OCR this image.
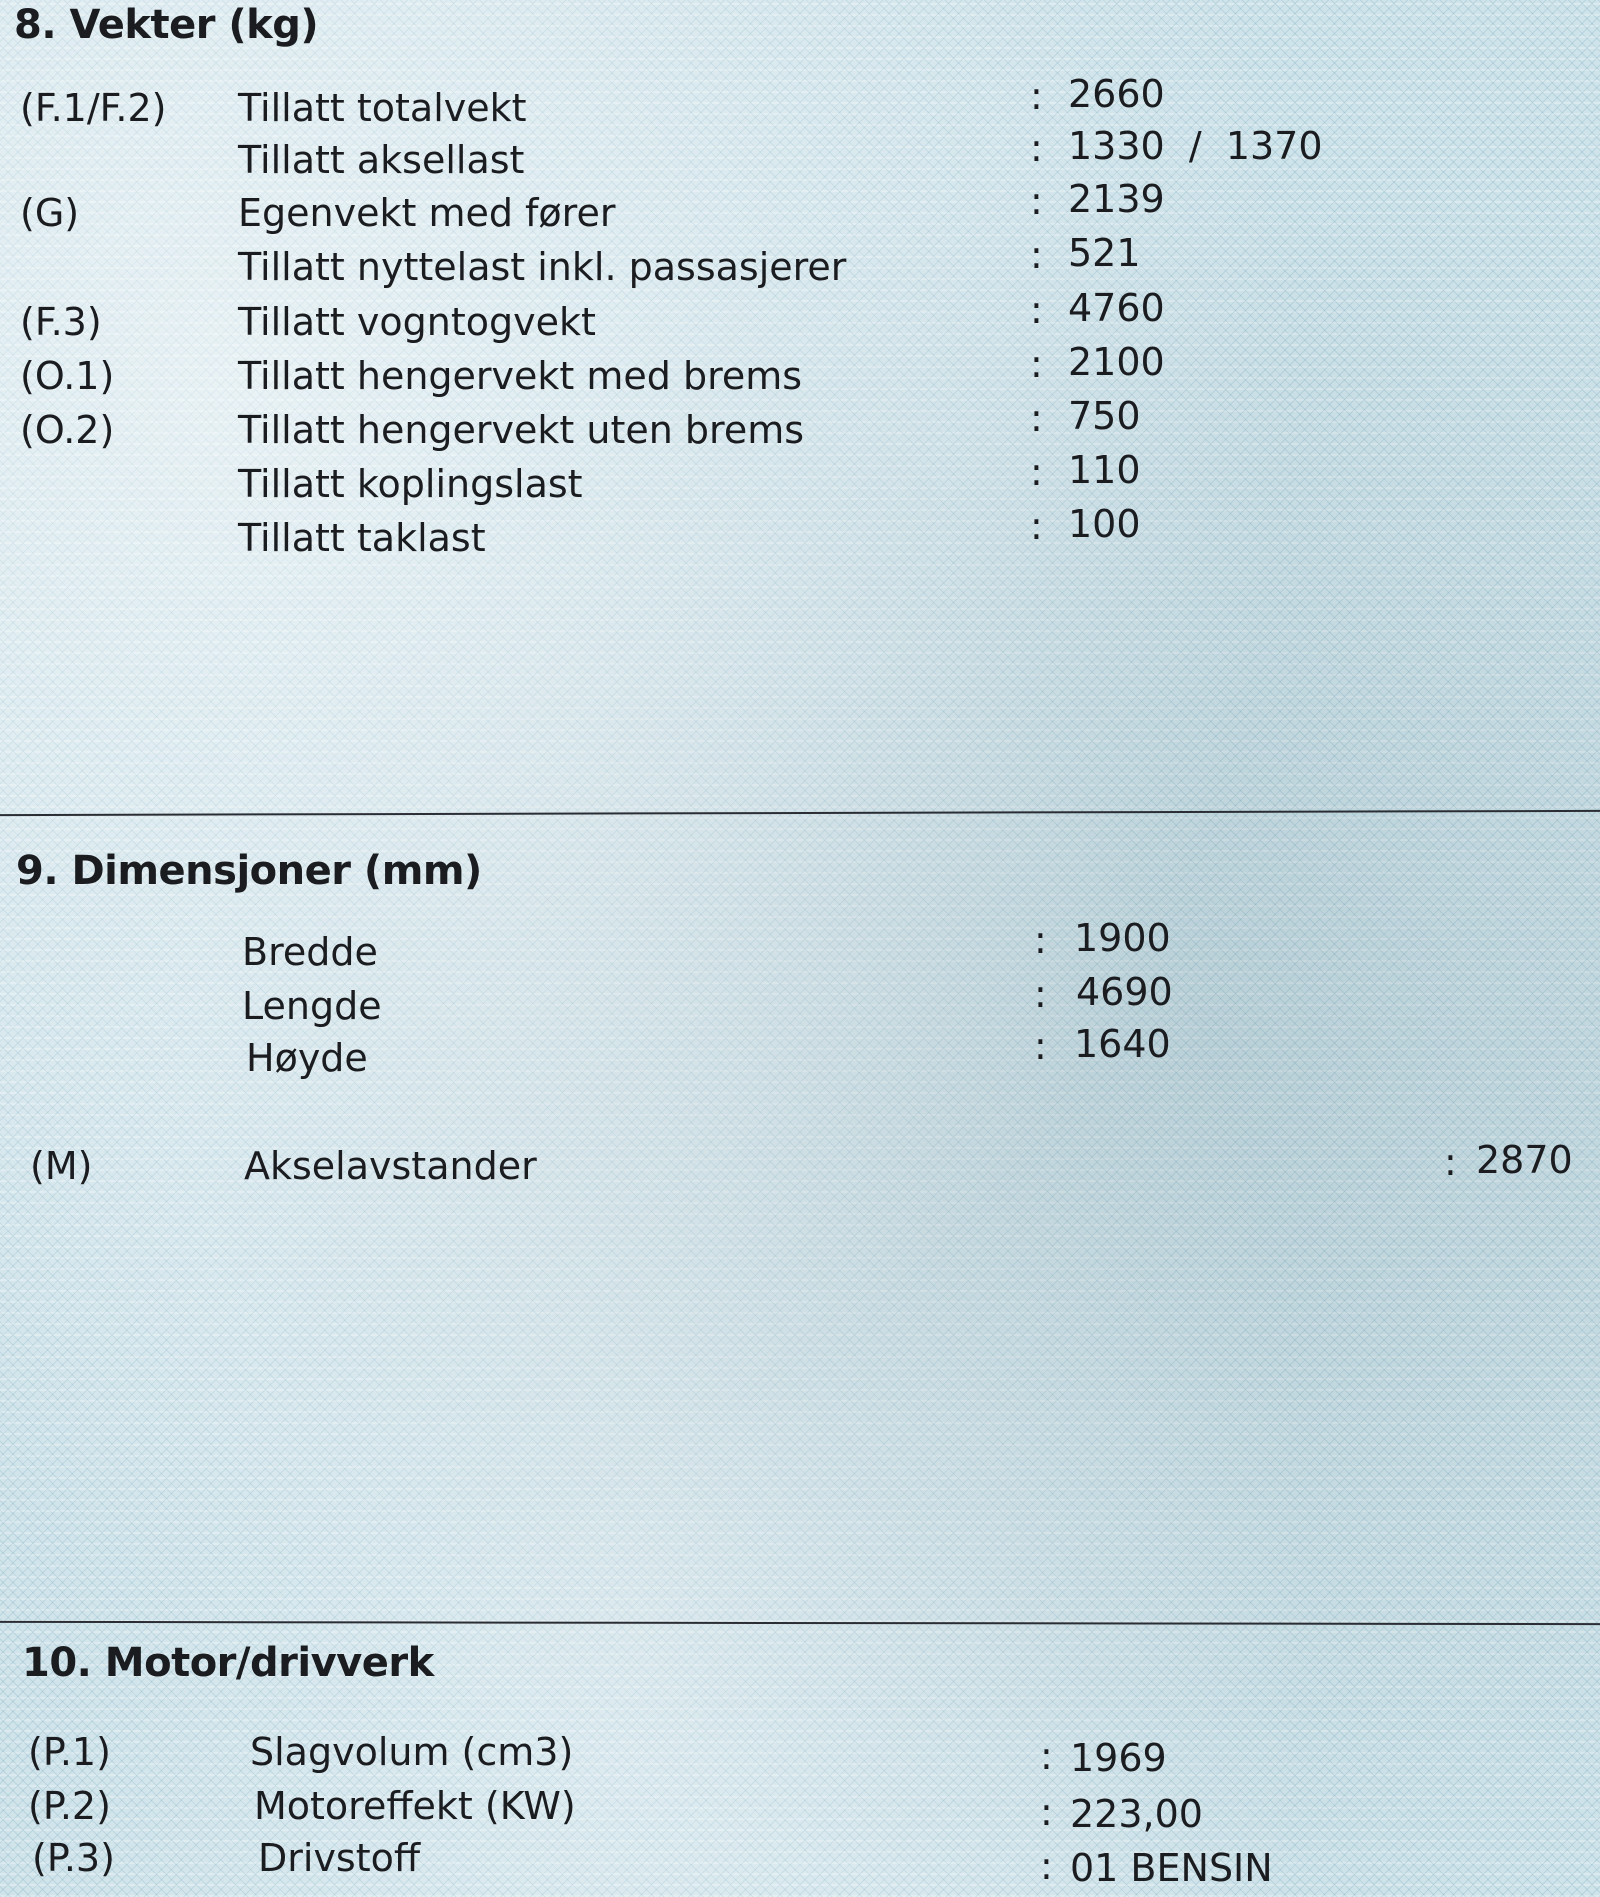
8. Vekter (kg)
(F.1/F.2) Tillatt totalvekt	: 2660
Tillatt aksellast	: 1330  /  1370
(G)	Egenvekt med fører	: 2139
Tillatt nyttelast inkl. passasjerer	: 521
(F.3)	Tillatt vogntogvekt	: 4760
(O.1)	Tillatt hengervekt med brems	: 2100
(O.2)	Tillatt hengervekt uten brems	: 750
Tillatt koplingslast	: 110
Tillatt taklast	: 100
9. Dimensjoner (mm)
Bredde	: 1900
Lengde	: 4690
Høyde	: 1640
(M)	Akselavstander	: 2870
10. Motor/drivverk
(P.1)	Slagvolum (cm3)	: 1969
(P.2)	Motoreffekt (KW)	: 223,00
(P.3)	Drivstoff	: 01 BENSIN
